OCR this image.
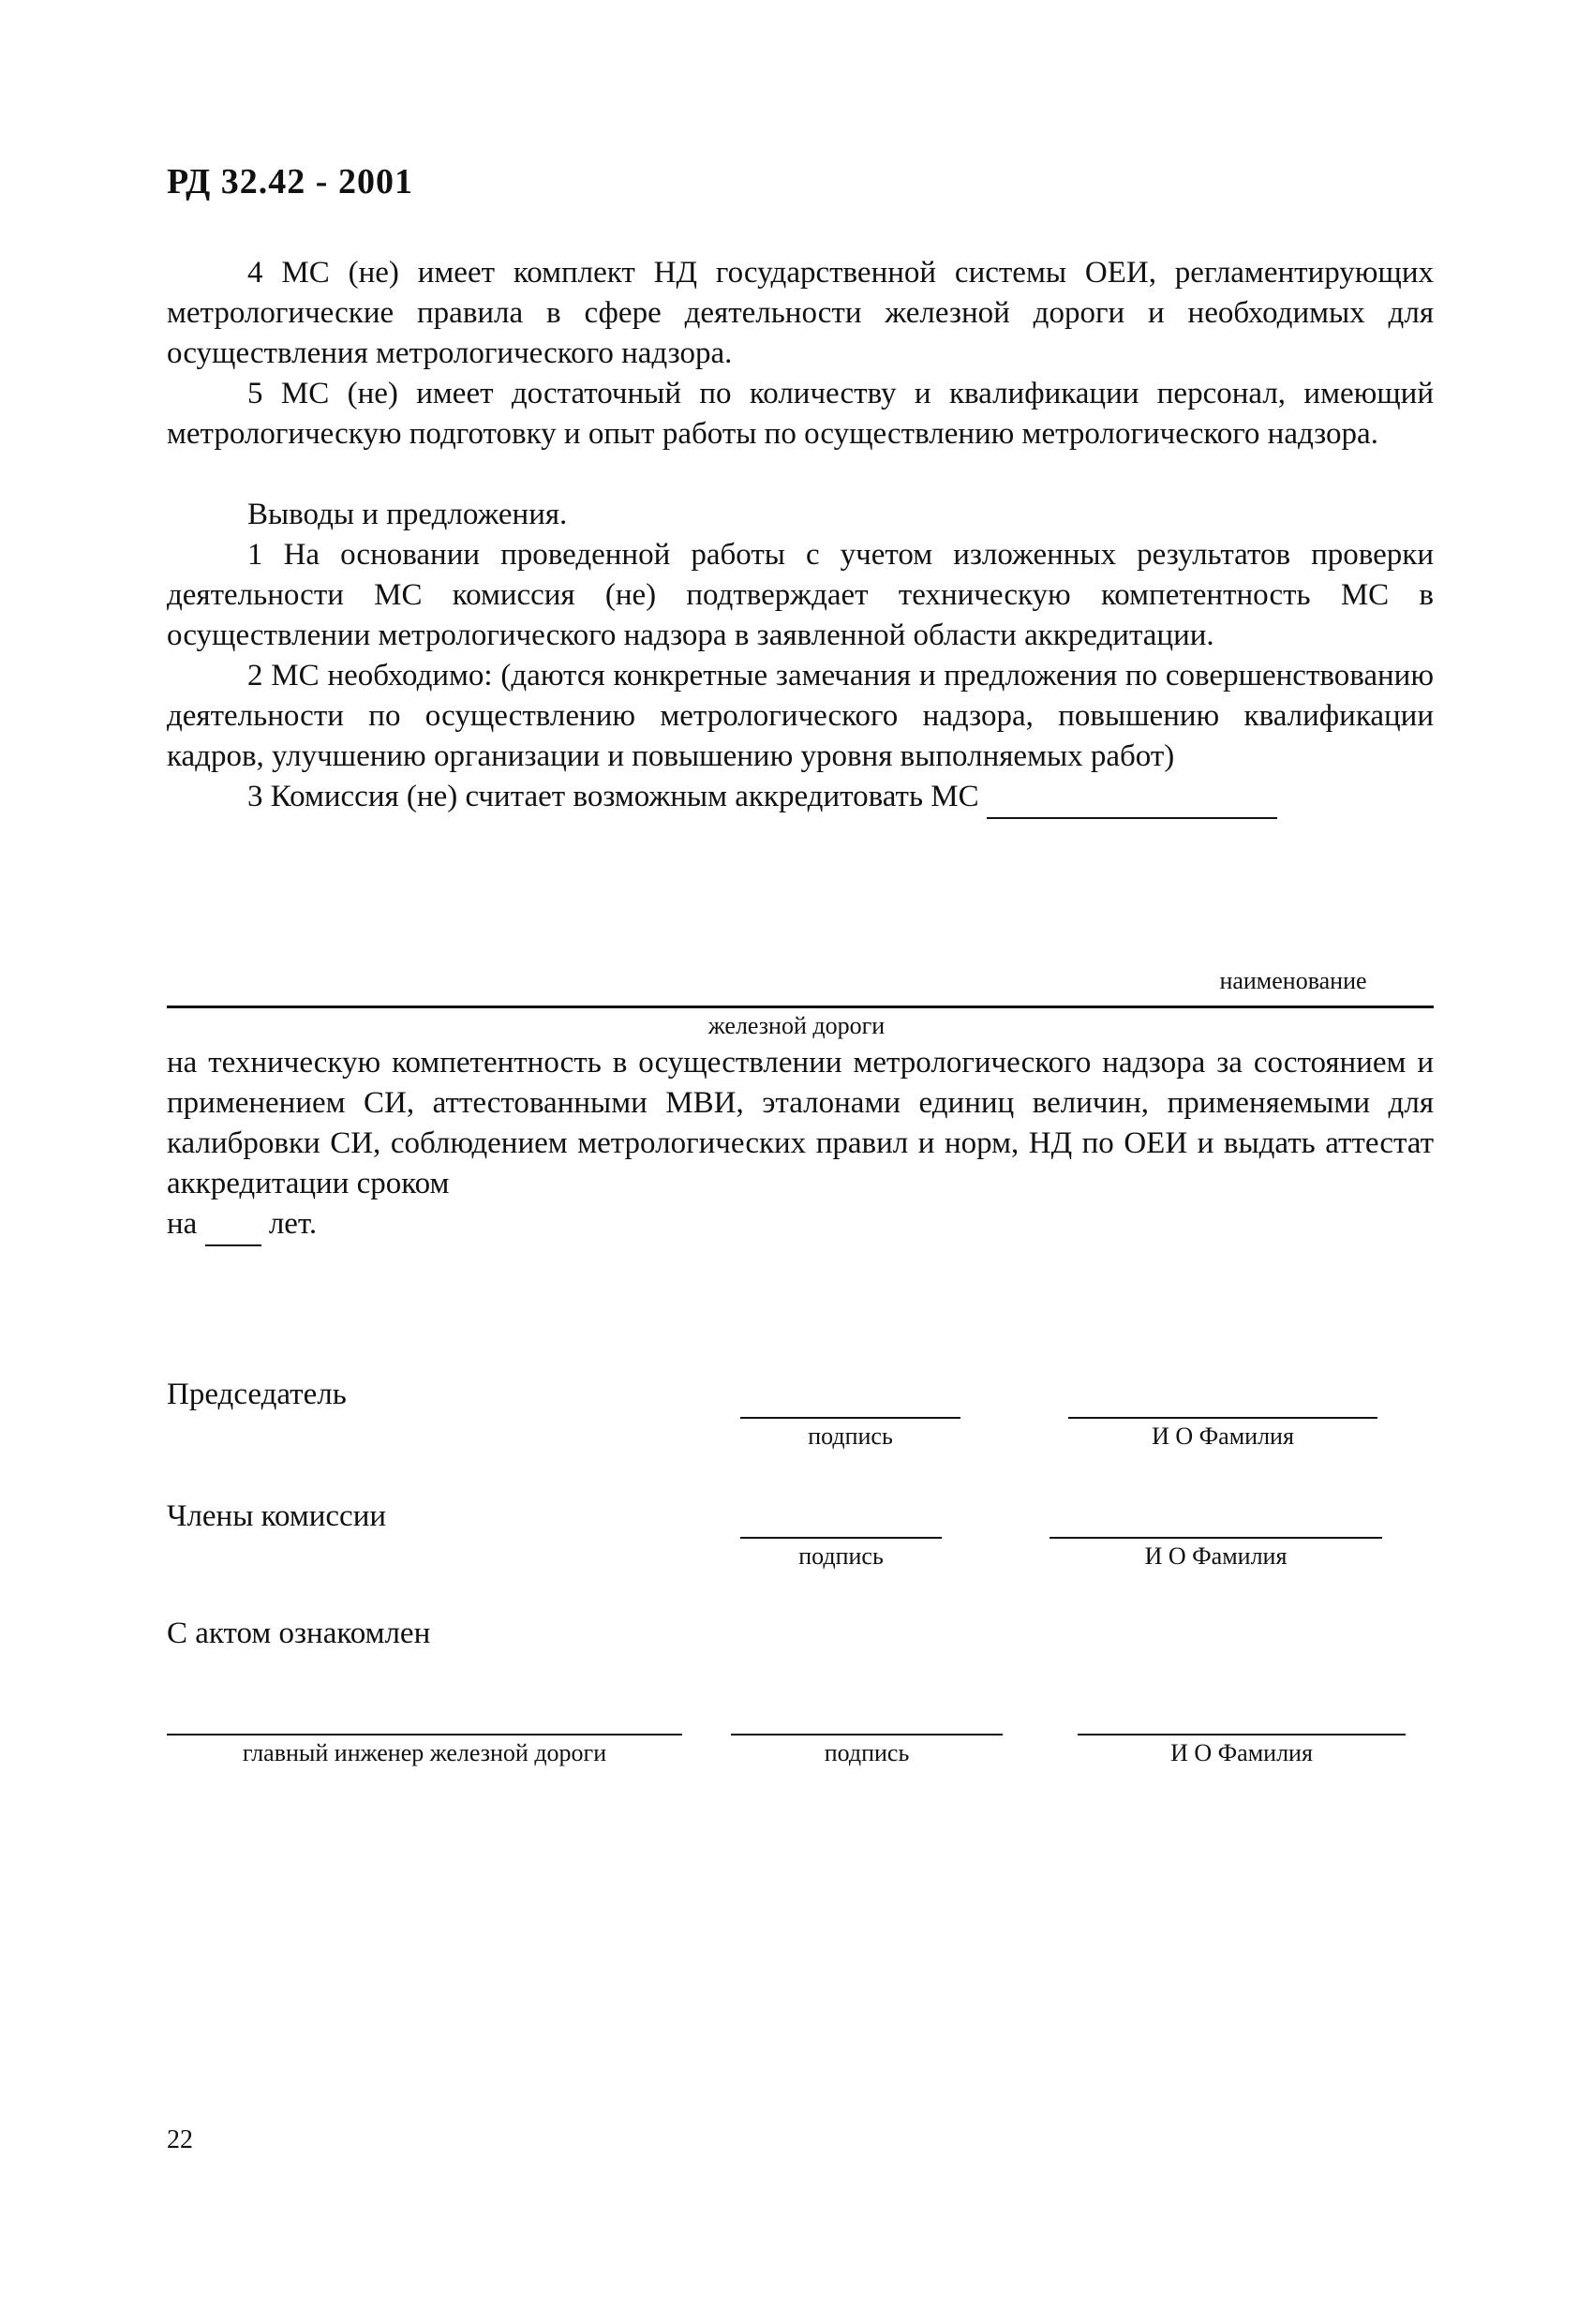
РД 32.42 - 2001

4 МС (не) имеет комплект НД государственной системы ОЕИ, регламентирующих метрологические правила в сфере деятельности железной дороги и необходимых для осуществления метрологического надзора.

5 МС (не) имеет достаточный по количеству и квалификации персонал, имеющий метрологическую подготовку и опыт работы по осуществлению метрологического надзора.

Выводы и предложения.

1 На основании проведенной работы с учетом изложенных результатов проверки деятельности МС комиссия (не) подтверждает техническую компетентность МС в осуществлении метрологического надзора в заявленной области аккредитации.

2 МС необходимо: (даются конкретные замечания и предложения по совершенствованию деятельности по осуществлению метрологического надзора, повышению квалификации кадров, улучшению организации и повышению уровня выполняемых работ)

3 Комиссия (не) считает возможным аккредитовать МС

наименование
железной дороги

на техническую компетентность в осуществлении метрологического надзора за состоянием и применением СИ, аттестованными МВИ, эталонами единиц величин, применяемыми для калибровки СИ, соблюдением метрологических правил и норм, НД по ОЕИ и выдать аттестат аккредитации сроком

на лет.

Председатель
подпись	И О Фамилия
Члены комиссии
подпись	И О Фамилия
С актом ознакомлен
главный инженер железной дороги	подпись	И О Фамилия
22
